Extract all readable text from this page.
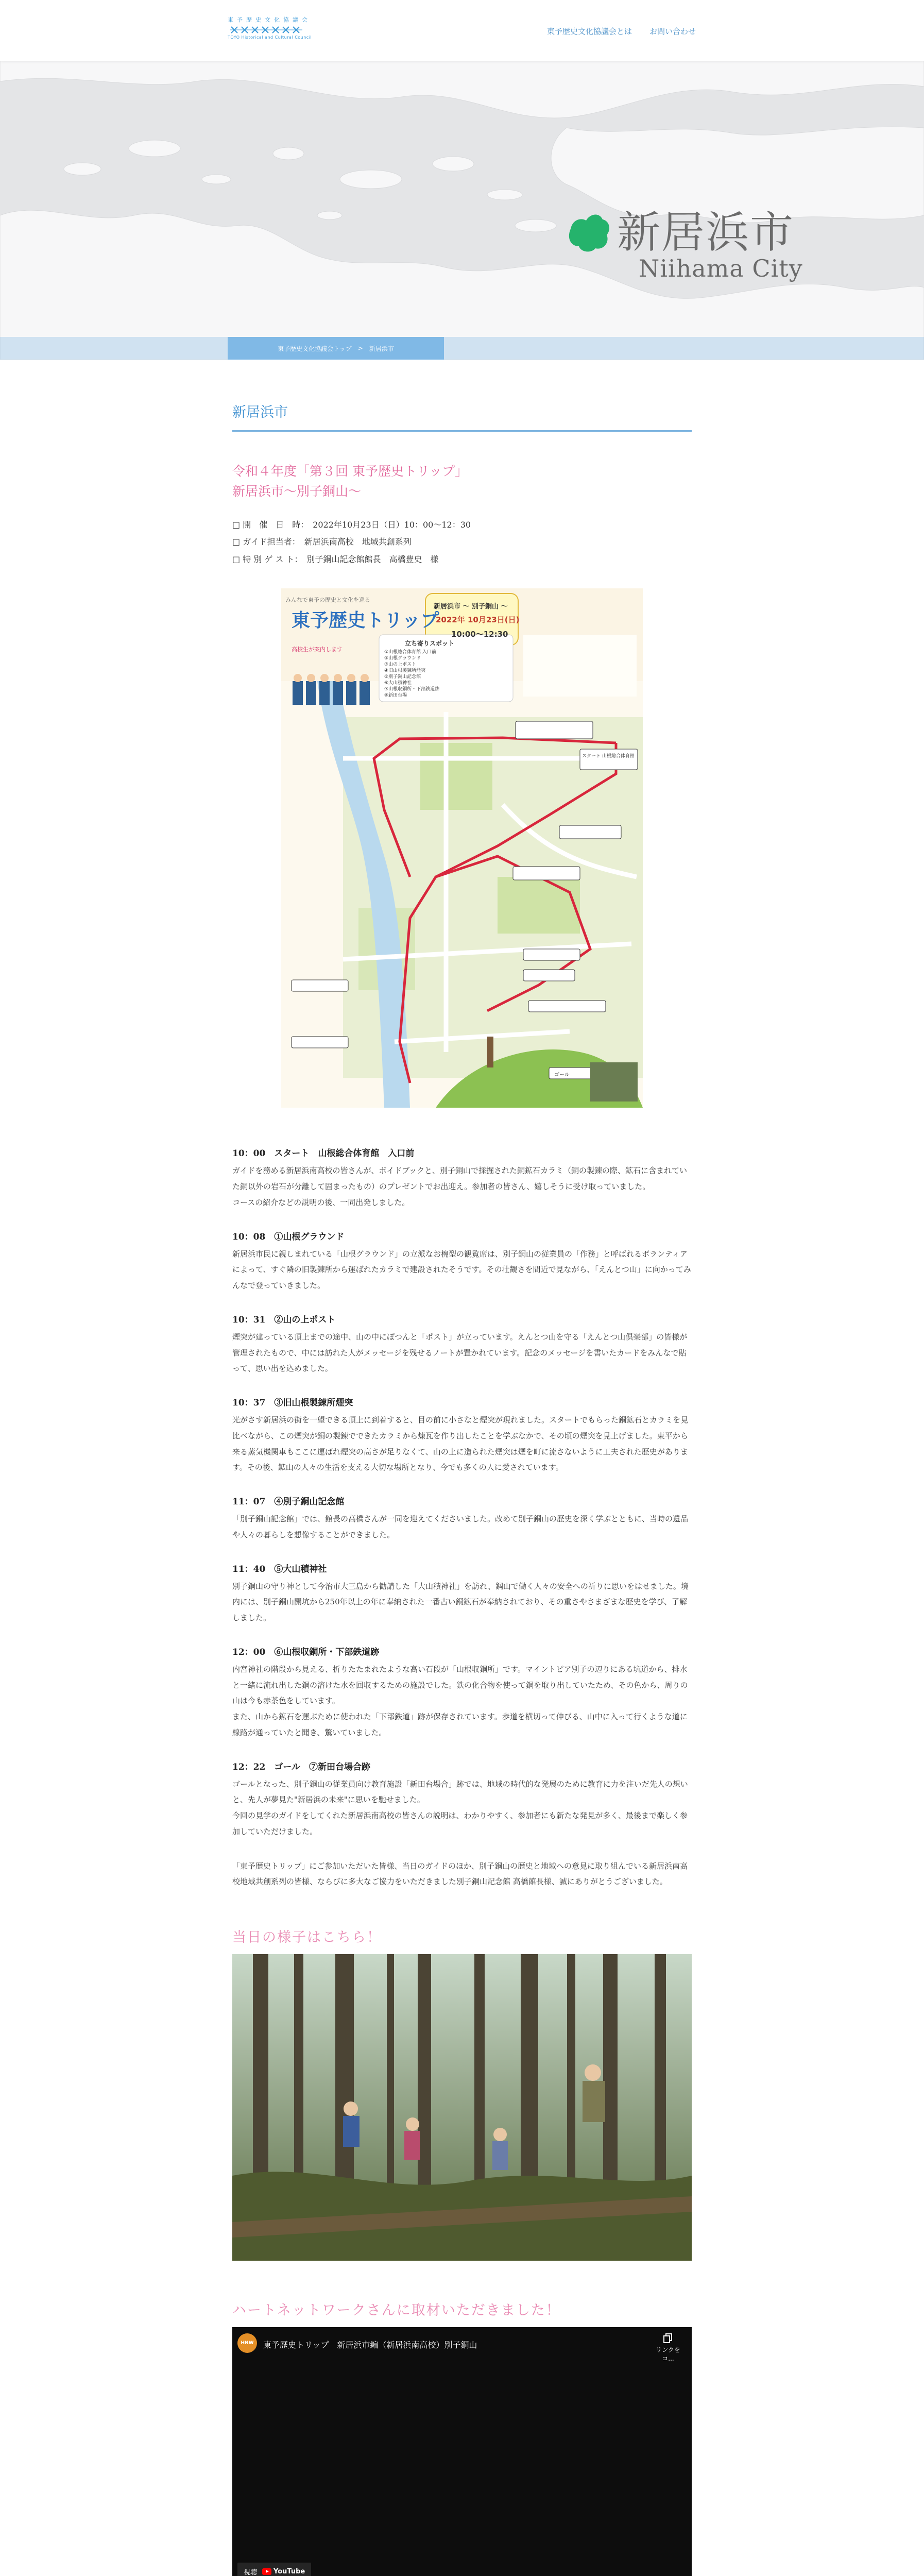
東予歴史文化協議会
TOYO Historical and Cultural Council
東予歴史文化協議会とは お問い合わせ
新居浜市
Niihama City
東予歴史文化協議会トップ > 新居浜市
新居浜市
令和４年度「第３回 東予歴史トリップ」
新居浜市〜別子銅山〜
□ 開　催　日　時：　2022年10月23日（日）10：00〜12：30
□ ガイド担当者：　新居浜南高校　地域共創系列
□ 特 別 ゲ ス ト：　別子銅山記念館館長　高橋豊史　様
みんなで東予の歴史と文化を巡る
東予歴史トリップ
高校生が案内します
新居浜市 〜 別子銅山 〜
2022年 10月23日(日)
10:00〜12:30
立ち寄りスポット
①山根総合体育館 入口前
②山根グラウンド
③山の上ポスト
④旧山根製錬所煙突
⑤別子銅山記念館
⑥大山積神社
⑦山根収銅所・下部鉄道跡
⑧新田台場
スタート 山根総合体育館
ゴール
10：00　スタート　山根総合体育館　入口前
ガイドを務める新居浜南高校の皆さんが、ボイドブックと、別子銅山で採掘された銅鉱石カラミ（銅の製錬の際、鉱石に含まれていた銅以外の岩石が分離して固まったもの）のプレゼントでお出迎え。参加者の皆さん、嬉しそうに受け取っていました。
コースの紹介などの説明の後、一同出発しました。
10：08　①山根グラウンド
新居浜市民に親しまれている「山根グラウンド」の立派なお椀型の観覧席は、別子銅山の従業員の「作務」と呼ばれるボランティアによって、すぐ隣の旧製錬所から運ばれたカラミで建設されたそうです。その壮観さを間近で見ながら、「えんとつ山」に向かってみんなで登っていきました。
10：31　②山の上ポスト
煙突が建っている頂上までの途中、山の中にぽつんと「ポスト」が立っています。えんとつ山を守る「えんとつ山倶楽部」の皆様が管理されたもので、中には訪れた人がメッセージを残せるノートが置かれています。記念のメッセージを書いたカードをみんなで貼って、思い出を込めました。
10：37　③旧山根製錬所煙突
光がさす新居浜の街を一望できる頂上に到着すると、目の前に小さなと煙突が現れました。スタートでもらった銅鉱石とカラミを見比べながら、この煙突が銅の製錬でできたカラミから煉瓦を作り出したことを学ぶなかで、その頃の煙突を見上げました。東平から来る蒸気機関車もここに運ばれ煙突の高さが足りなくて、山の上に造られた煙突は煙を町に流さないように工夫された歴史があります。その後、鉱山の人々の生活を支える大切な場所となり、今でも多くの人に愛されています。
11：07　④別子銅山記念館
「別子銅山記念館」では、館長の高橋さんが一同を迎えてくださいました。改めて別子銅山の歴史を深く学ぶとともに、当時の遺品や人々の暮らしを想像することができました。
11：40　⑤大山積神社
別子銅山の守り神として今治市大三島から勧請した「大山積神社」を訪れ、鋼山で働く人々の安全への祈りに思いをはせました。境内には、別子銅山開坑から250年以上の年に奉納された一番古い銅鉱石が奉納されており、その重さやさまざまな歴史を学び、了解しました。
12：00　⑥山根収銅所・下部鉄道跡
内宮神社の階段から見える、折りたたまれたような高い石段が「山根収銅所」です。マイントピア別子の辺りにある坑道から、排水と一緒に流れ出した銅の溶けた水を回収するための施設でした。鉄の化合物を使って銅を取り出していたため、その色から、周りの山は今も赤茶色をしています。
また、山から鉱石を運ぶために使われた「下部鉄道」跡が保存されています。歩道を横切って伸びる、山中に入って行くような道に線路が通っていたと聞き、驚いていました。
12：22　ゴール　⑦新田台場合跡
ゴールとなった、別子銅山の従業員向け教育施設「新田台場合」跡では、地域の時代的な発展のために教育に力を注いだ先人の想いと、先人が夢見た"新居浜の未来"に思いを馳せました。
今回の見学のガイドをしてくれた新居浜南高校の皆さんの説明は、わかりやすく、参加者にも新たな発見が多く、最後まで楽しく参加していただけました。
「東予歴史トリップ」にご参加いただいた皆様、当日のガイドのほか、別子銅山の歴史と地域への意見に取り組んでいる新居浜南高校地域共創系列の皆様、ならびに多大なご協力をいただきました別子銅山記念館 高橋館長様、誠にありがとうございました。
当日の様子はこちら！
ハートネットワークさんに取材いただきました！
HNW	東予歴史トリップ　新居浜市編（新居浜南高校）別子銅山	リンクをコ...
視聴 YouTube
